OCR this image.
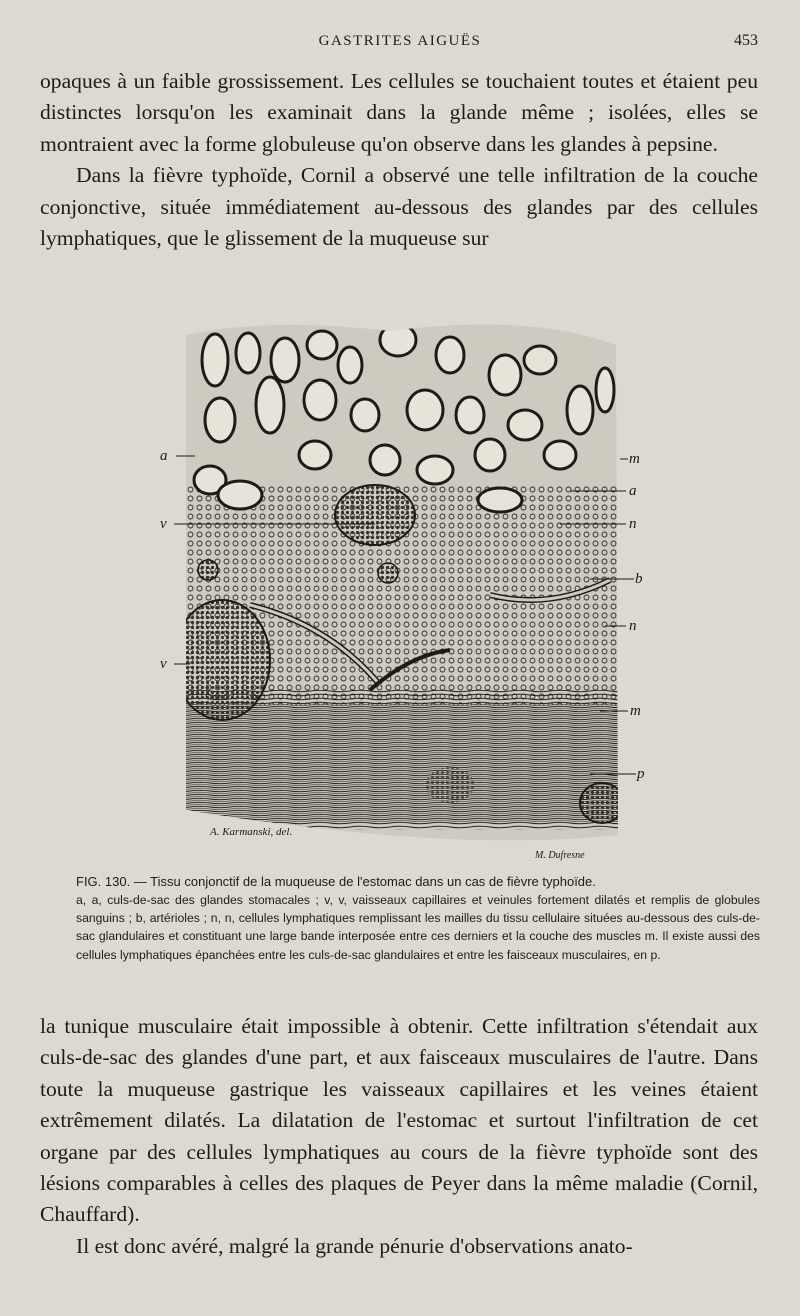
GASTRITES AIGUËS	453

opaques à un faible grossissement. Les cellules se touchaient toutes et étaient peu distinctes lorsqu'on les examinait dans la glande même ; isolées, elles se montraient avec la forme globuleuse qu'on observe dans les glandes à pepsine.

Dans la fièvre typhoïde, Cornil a observé une telle infiltration de la couche conjonctive, située immédiatement au-dessous des glandes par des cellules lymphatiques, que le glissement de la muqueuse sur

a
v
v
m
a
n
b
n
m
p
A. Karmanski, del.
M. Dufresne

FIG. 130. — Tissu conjonctif de la muqueuse de l'estomac dans un cas de fièvre typhoïde.

a, a, culs-de-sac des glandes stomacales ; v, v, vaisseaux capillaires et veinules fortement dilatés et remplis de globules sanguins ; b, artérioles ; n, n, cellules lymphatiques remplissant les mailles du tissu cellulaire situées au-dessous des culs-de-sac glandulaires et constituant une large bande interposée entre ces derniers et la couche des muscles m. Il existe aussi des cellules lymphatiques épanchées entre les culs-de-sac glandulaires et entre les faisceaux musculaires, en p.

la tunique musculaire était impossible à obtenir. Cette infiltration s'étendait aux culs-de-sac des glandes d'une part, et aux faisceaux musculaires de l'autre. Dans toute la muqueuse gastrique les vaisseaux capillaires et les veines étaient extrêmement dilatés. La dilatation de l'estomac et surtout l'infiltration de cet organe par des cellules lymphatiques au cours de la fièvre typhoïde sont des lésions comparables à celles des plaques de Peyer dans la même maladie (Cornil, Chauffard).

Il est donc avéré, malgré la grande pénurie d'observations anato-
